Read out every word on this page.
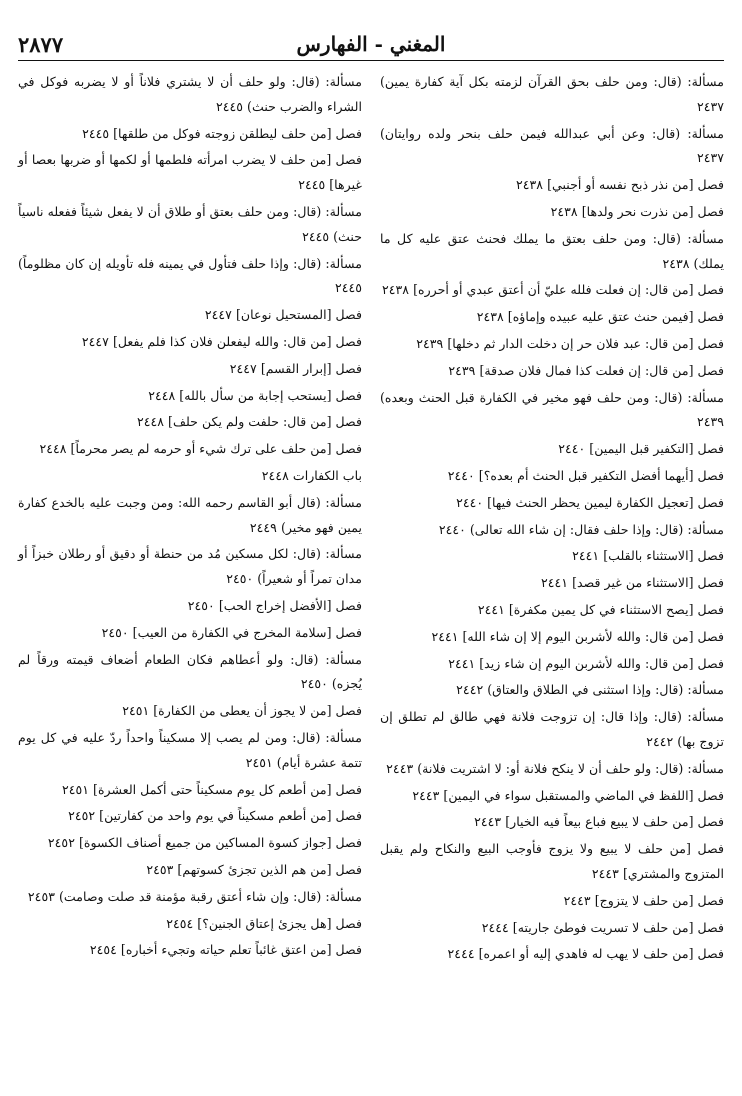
٢٨٧٧	المغني - الفهارس
مسألة: (قال: ومن حلف بحق القرآن لزمته بكل آية كفارة يمين) ٢٤٣٧
مسألة: (قال: وعن أبي عبدالله فيمن حلف بنحر ولده روايتان) ٢٤٣٧
فصل [من نذر ذبح نفسه أو أجنبي] ٢٤٣٨
فصل [من نذرت نحر ولدها] ٢٤٣٨
مسألة: (قال: ومن حلف بعتق ما يملك فحنث عتق عليه كل ما يملك) ٢٤٣٨
فصل [من قال: إن فعلت فلله عليّ أن أعتق عبدي أو أحرره] ٢٤٣٨
فصل [فيمن حنث عتق عليه عبيده وإماؤه] ٢٤٣٨
فصل [من قال: عبد فلان حر إن دخلت الدار ثم دخلها] ٢٤٣٩
فصل [من قال: إن فعلت كذا فمال فلان صدقة] ٢٤٣٩
مسألة: (قال: ومن حلف فهو مخير في الكفارة قبل الحنث وبعده) ٢٤٣٩
فصل [التكفير قبل اليمين] ٢٤٤٠
فصل [أيهما أفضل التكفير قبل الحنث أم بعده؟] ٢٤٤٠
فصل [تعجيل الكفارة ليمين يحظر الحنث فيها] ٢٤٤٠
مسألة: (قال: وإذا حلف فقال: إن شاء الله تعالى) ٢٤٤٠
فصل [الاستثناء بالقلب] ٢٤٤١
فصل [الاستثناء من غير قصد] ٢٤٤١
فصل [يصح الاستثناء في كل يمين مكفرة] ٢٤٤١
فصل [من قال: والله لأشربن اليوم إلا إن شاء الله] ٢٤٤١
فصل [من قال: والله لأشربن اليوم إن شاء زيد] ٢٤٤١
مسألة: (قال: وإذا استثنى في الطلاق والعتاق) ٢٤٤٢
مسألة: (قال: وإذا قال: إن تزوجت فلانة فهي طالق لم تطلق إن تزوج بها) ٢٤٤٢
مسألة: (قال: ولو حلف أن لا ينكح فلانة أو: لا اشتريت فلانة) ٢٤٤٣
فصل [اللفظ في الماضي والمستقبل سواء في اليمين] ٢٤٤٣
فصل [من حلف لا يبيع فباع بيعاً فيه الخيار] ٢٤٤٣
فصل [من حلف لا يبيع ولا يزوج فأوجب البيع والنكاح ولم يقبل المتزوج والمشتري] ٢٤٤٣
فصل [من حلف لا يتزوج] ٢٤٤٣
فصل [من حلف لا تسريت فوطئ جاريته] ٢٤٤٤
فصل [من حلف لا يهب له فاهدي إليه أو اعمره] ٢٤٤٤
مسألة: (قال: ولو حلف أن لا يشتري فلاناً أو لا يضربه فوكل في الشراء والضرب حنث) ٢٤٤٥
فصل [من حلف ليطلقن زوجته فوكل من طلقها] ٢٤٤٥
فصل [من حلف لا يضرب امرأته فلطمها أو لكمها أو ضربها بعصا أو غيرها] ٢٤٤٥
مسألة: (قال: ومن حلف بعتق أو طلاق أن لا يفعل شيئاً ففعله ناسياً حنث) ٢٤٤٥
مسألة: (قال: وإذا حلف فتأول في يمينه فله تأويله إن كان مظلوماً) ٢٤٤٥
فصل [المستحيل نوعان] ٢٤٤٧
فصل [من قال: والله ليفعلن فلان كذا فلم يفعل] ٢٤٤٧
فصل [إبرار القسم] ٢٤٤٧
فصل [يستحب إجابة من سأل بالله] ٢٤٤٨
فصل [من قال: حلفت ولم يكن حلف] ٢٤٤٨
فصل [من حلف على ترك شيء أو حرمه لم يصر محرماً] ٢٤٤٨
باب الكفارات ٢٤٤٨
مسألة: (قال أبو القاسم رحمه الله: ومن وجبت عليه بالخدع كفارة يمين فهو مخير) ٢٤٤٩
مسألة: (قال: لكل مسكين مُد من حنطة أو دقيق أو رطلان خبزاً أو مدان تمراً أو شعيراً) ٢٤٥٠
فصل [الأفضل إخراج الحب] ٢٤٥٠
فصل [سلامة المخرج في الكفارة من العيب] ٢٤٥٠
مسألة: (قال: ولو أعطاهم فكان الطعام أضعاف قيمته ورقاً لم يُجزه) ٢٤٥٠
فصل [من لا يجوز أن يعطى من الكفارة] ٢٤٥١
مسألة: (قال: ومن لم يصب إلا مسكيناً واحداً ردّ عليه في كل يوم تتمة عشرة أيام) ٢٤٥١
فصل [من أطعم كل يوم مسكيناً حتى أكمل العشرة] ٢٤٥١
فصل [من أطعم مسكيناً في يوم واحد من كفارتين] ٢٤٥٢
فصل [جواز كسوة المساكين من جميع أصناف الكسوة] ٢٤٥٢
فصل [من هم الذين تجزئ كسوتهم] ٢٤٥٣
مسألة: (قال: وإن شاء أعتق رقبة مؤمنة قد صلت وصامت) ٢٤٥٣
فصل [هل يجزئ إعتاق الجنين؟] ٢٤٥٤
فصل [من اعتق غائباً تعلم حياته وتجيء أخباره] ٢٤٥٤
